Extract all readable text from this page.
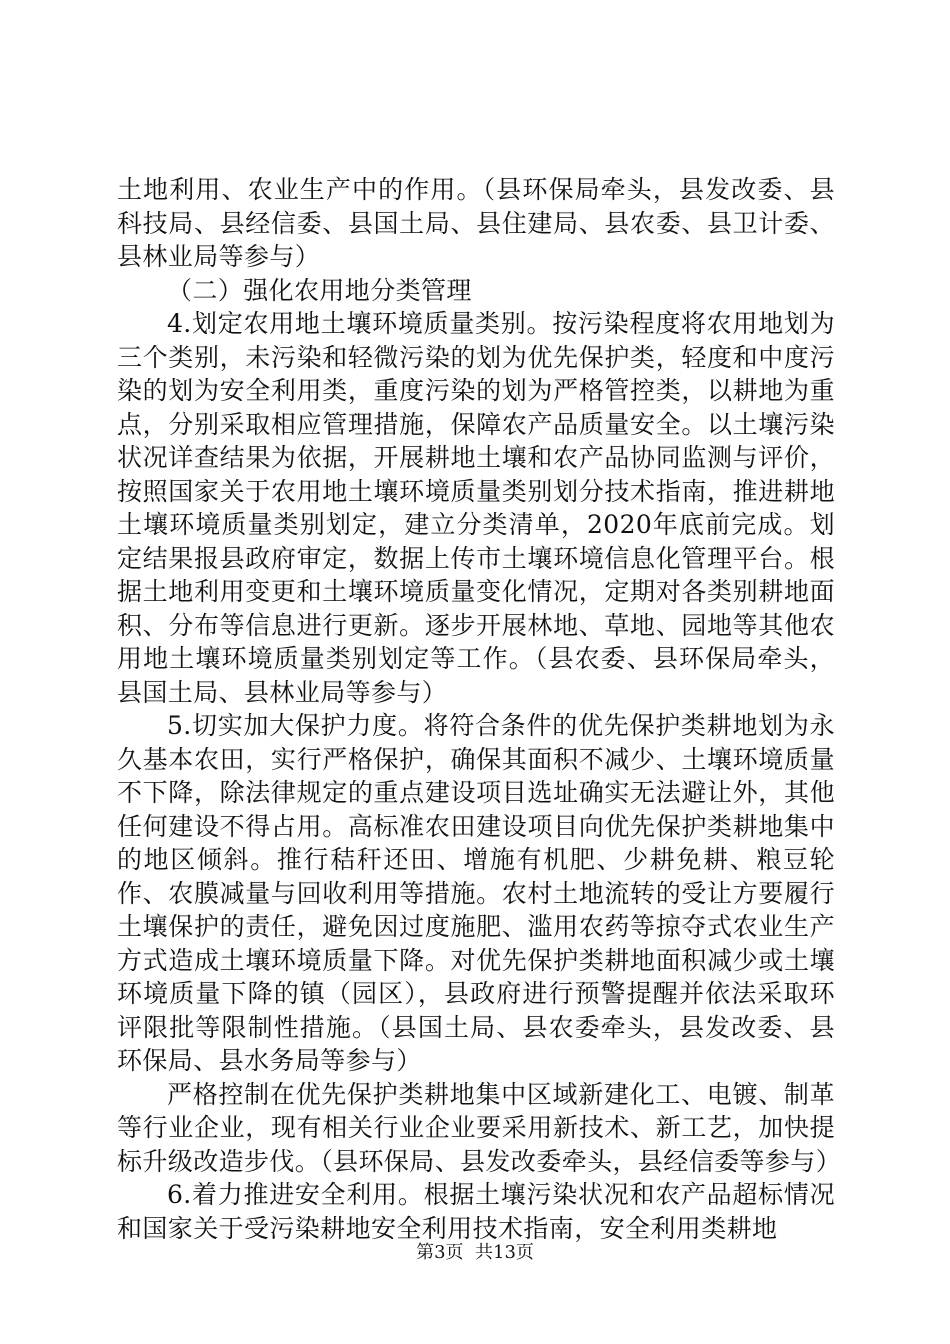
土地利用、农业生产中的作用。（县环保局牵头，县发改委、县科技局、县经信委、县国土局、县住建局、县农委、县卫计委、县林业局等参与）

（二）强化农用地分类管理

4.划定农用地土壤环境质量类别。按污染程度将农用地划为三个类别，未污染和轻微污染的划为优先保护类，轻度和中度污染的划为安全利用类，重度污染的划为严格管控类，以耕地为重点，分别采取相应管理措施，保障农产品质量安全。以土壤污染状况详查结果为依据，开展耕地土壤和农产品协同监测与评价，按照国家关于农用地土壤环境质量类别划分技术指南，推进耕地土壤环境质量类别划定，建立分类清单，2020年底前完成。划定结果报县政府审定，数据上传市土壤环境信息化管理平台。根据土地利用变更和土壤环境质量变化情况，定期对各类别耕地面积、分布等信息进行更新。逐步开展林地、草地、园地等其他农用地土壤环境质量类别划定等工作。（县农委、县环保局牵头，县国土局、县林业局等参与）

5.切实加大保护力度。将符合条件的优先保护类耕地划为永久基本农田，实行严格保护，确保其面积不减少、土壤环境质量不下降，除法律规定的重点建设项目选址确实无法避让外，其他任何建设不得占用。高标准农田建设项目向优先保护类耕地集中的地区倾斜。推行秸秆还田、增施有机肥、少耕免耕、粮豆轮作、农膜减量与回收利用等措施。农村土地流转的受让方要履行土壤保护的责任，避免因过度施肥、滥用农药等掠夺式农业生产方式造成土壤环境质量下降。对优先保护类耕地面积减少或土壤环境质量下降的镇（园区），县政府进行预警提醒并依法采取环评限批等限制性措施。（县国土局、县农委牵头，县发改委、县环保局、县水务局等参与）

严格控制在优先保护类耕地集中区域新建化工、电镀、制革等行业企业，现有相关行业企业要采用新技术、新工艺，加快提标升级改造步伐。（县环保局、县发改委牵头，县经信委等参与）

6.着力推进安全利用。根据土壤污染状况和农产品超标情况和国家关于受污染耕地安全利用技术指南，安全利用类耕地

第3页  共13页
